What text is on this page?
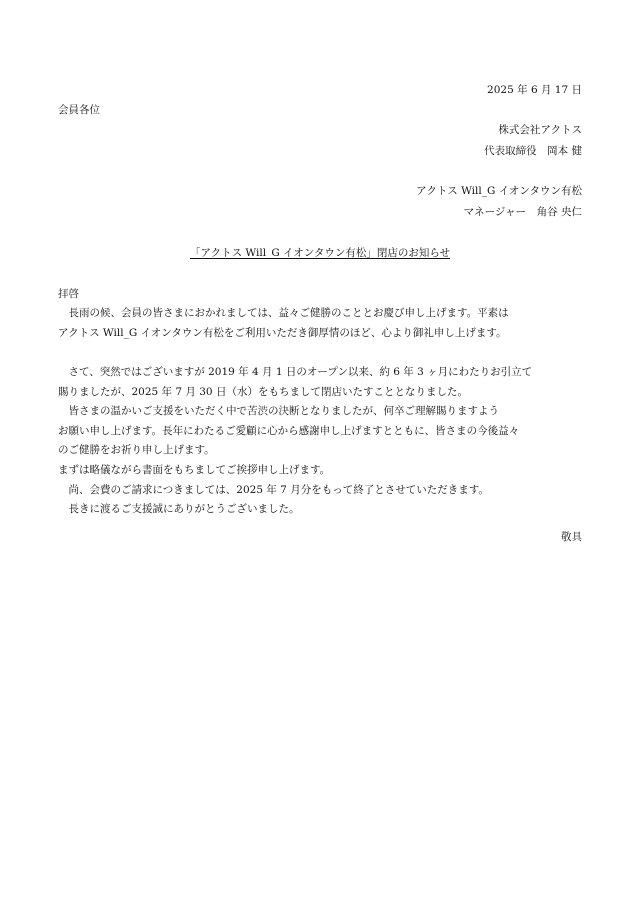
2025 年 6 月 17 日
会員各位
株式会社アクトス
代表取締役　岡本 健
アクトス Will_G イオンタウン有松
マネージャー　角谷 央仁
「アクトス Will_G イオンタウン有松」閉店のお知らせ
拝啓

長雨の候、会員の皆さまにおかれましては、益々ご健勝のこととお慶び申し上げます。平素は

アクトス Will_G イオンタウン有松をご利用いただき御厚情のほど、心より御礼申し上げます。

さて、突然ではございますが 2019 年 4 月 1 日のオープン以来、約 6 年 3 ヶ月にわたりお引立て

賜りましたが、2025 年 7 月 30 日（水）をもちまして閉店いたすこととなりました。

皆さまの温かいご支援をいただく中で苦渋の決断となりましたが、何卒ご理解賜りますよう

お願い申し上げます。長年にわたるご愛顧に心から感謝申し上げますとともに、皆さまの今後益々

のご健勝をお祈り申し上げます。

まずは略儀ながら書面をもちましてご挨拶申し上げます。

尚、会費のご請求につきましては、2025 年 7 月分をもって終了とさせていただきます。

長きに渡るご支援誠にありがとうございました。

敬具
